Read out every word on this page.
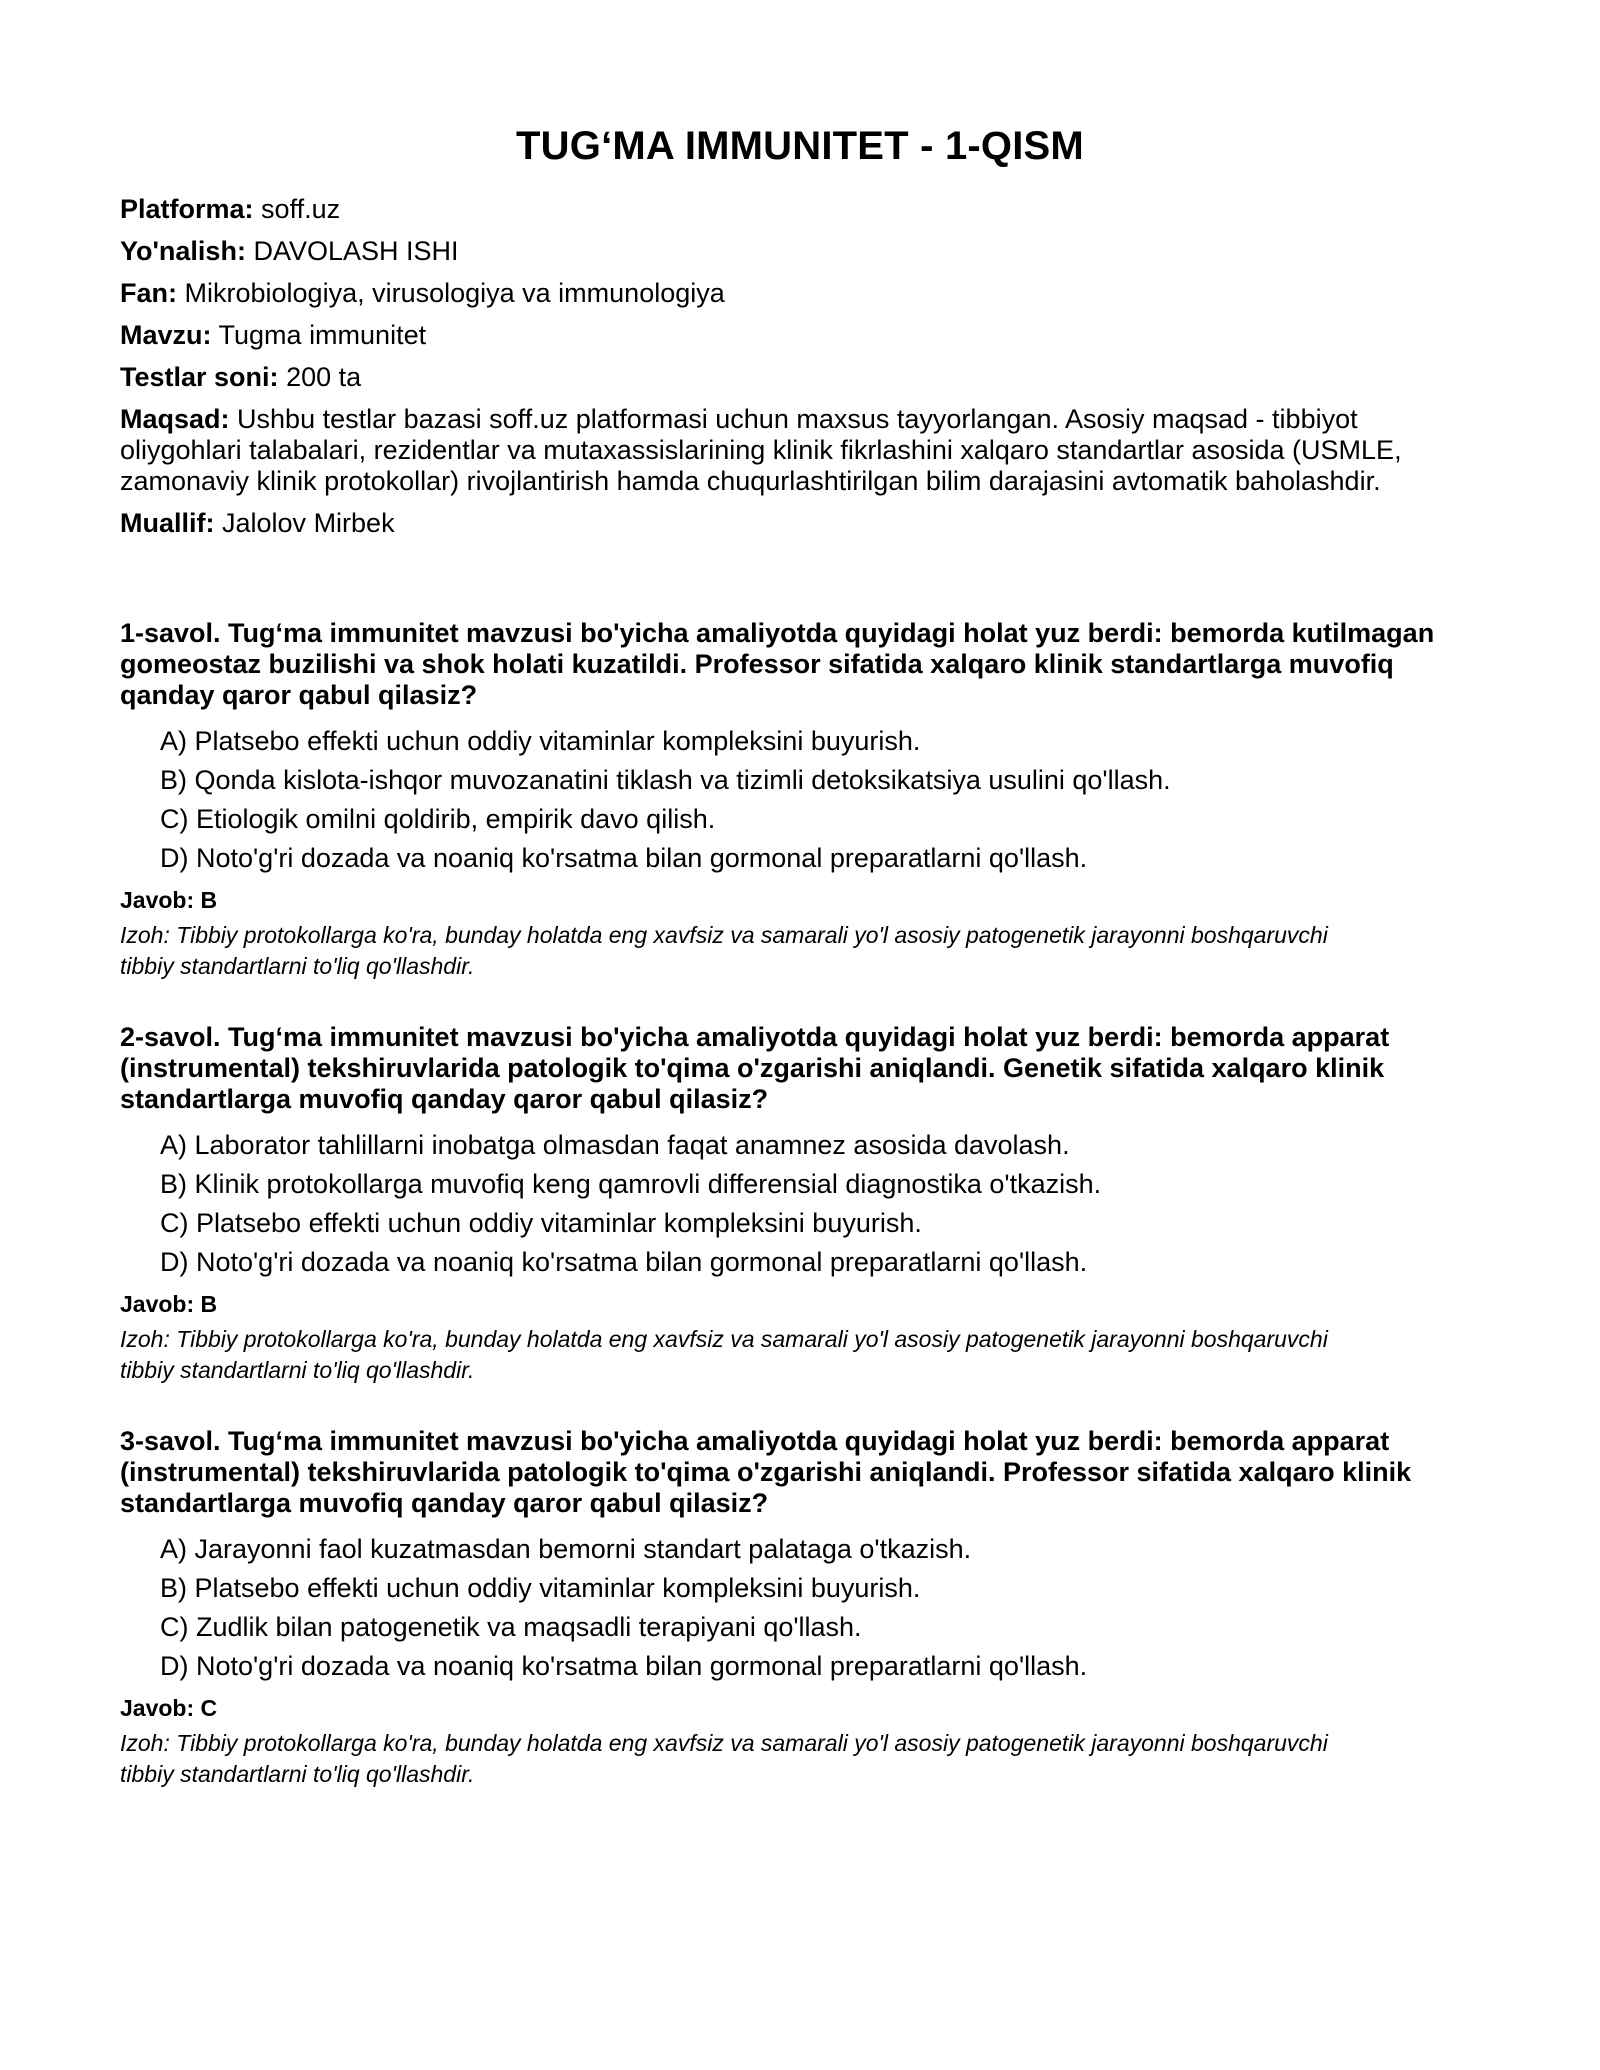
TUG‘MA IMMUNITET - 1-QISM
Platforma: soff.uz
Yo'nalish: DAVOLASH ISHI
Fan: Mikrobiologiya, virusologiya va immunologiya
Mavzu: Tugma immunitet
Testlar soni: 200 ta
Maqsad: Ushbu testlar bazasi soff.uz platformasi uchun maxsus tayyorlangan. Asosiy maqsad - tibbiyot oliygohlari talabalari, rezidentlar va mutaxassislarining klinik fikrlashini xalqaro standartlar asosida (USMLE, zamonaviy klinik protokollar) rivojlantirish hamda chuqurlashtirilgan bilim darajasini avtomatik baholashdir.
Muallif: Jalolov Mirbek

1-savol. Tug‘ma immunitet mavzusi bo'yicha amaliyotda quyidagi holat yuz berdi: bemorda kutilmagan gomeostaz buzilishi va shok holati kuzatildi. Professor sifatida xalqaro klinik standartlarga muvofiq qanday qaror qabul qilasiz?

A) Platsebo effekti uchun oddiy vitaminlar kompleksini buyurish.
B) Qonda kislota-ishqor muvozanatini tiklash va tizimli detoksikatsiya usulini qo'llash.
C) Etiologik omilni qoldirib, empirik davo qilish.
D) Noto'g'ri dozada va noaniq ko'rsatma bilan gormonal preparatlarni qo'llash.
Javob: B

Izoh: Tibbiy protokollarga ko'ra, bunday holatda eng xavfsiz va samarali yo'l asosiy patogenetik jarayonni boshqaruvchi tibbiy standartlarni to'liq qo'llashdir.

2-savol. Tug‘ma immunitet mavzusi bo'yicha amaliyotda quyidagi holat yuz berdi: bemorda apparat (instrumental) tekshiruvlarida patologik to'qima o'zgarishi aniqlandi. Genetik sifatida xalqaro klinik standartlarga muvofiq qanday qaror qabul qilasiz?

A) Laborator tahlillarni inobatga olmasdan faqat anamnez asosida davolash.
B) Klinik protokollarga muvofiq keng qamrovli differensial diagnostika o'tkazish.
C) Platsebo effekti uchun oddiy vitaminlar kompleksini buyurish.
D) Noto'g'ri dozada va noaniq ko'rsatma bilan gormonal preparatlarni qo'llash.
Javob: B

Izoh: Tibbiy protokollarga ko'ra, bunday holatda eng xavfsiz va samarali yo'l asosiy patogenetik jarayonni boshqaruvchi tibbiy standartlarni to'liq qo'llashdir.

3-savol. Tug‘ma immunitet mavzusi bo'yicha amaliyotda quyidagi holat yuz berdi: bemorda apparat (instrumental) tekshiruvlarida patologik to'qima o'zgarishi aniqlandi. Professor sifatida xalqaro klinik standartlarga muvofiq qanday qaror qabul qilasiz?

A) Jarayonni faol kuzatmasdan bemorni standart palataga o'tkazish.
B) Platsebo effekti uchun oddiy vitaminlar kompleksini buyurish.
C) Zudlik bilan patogenetik va maqsadli terapiyani qo'llash.
D) Noto'g'ri dozada va noaniq ko'rsatma bilan gormonal preparatlarni qo'llash.
Javob: C

Izoh: Tibbiy protokollarga ko'ra, bunday holatda eng xavfsiz va samarali yo'l asosiy patogenetik jarayonni boshqaruvchi tibbiy standartlarni to'liq qo'llashdir.
